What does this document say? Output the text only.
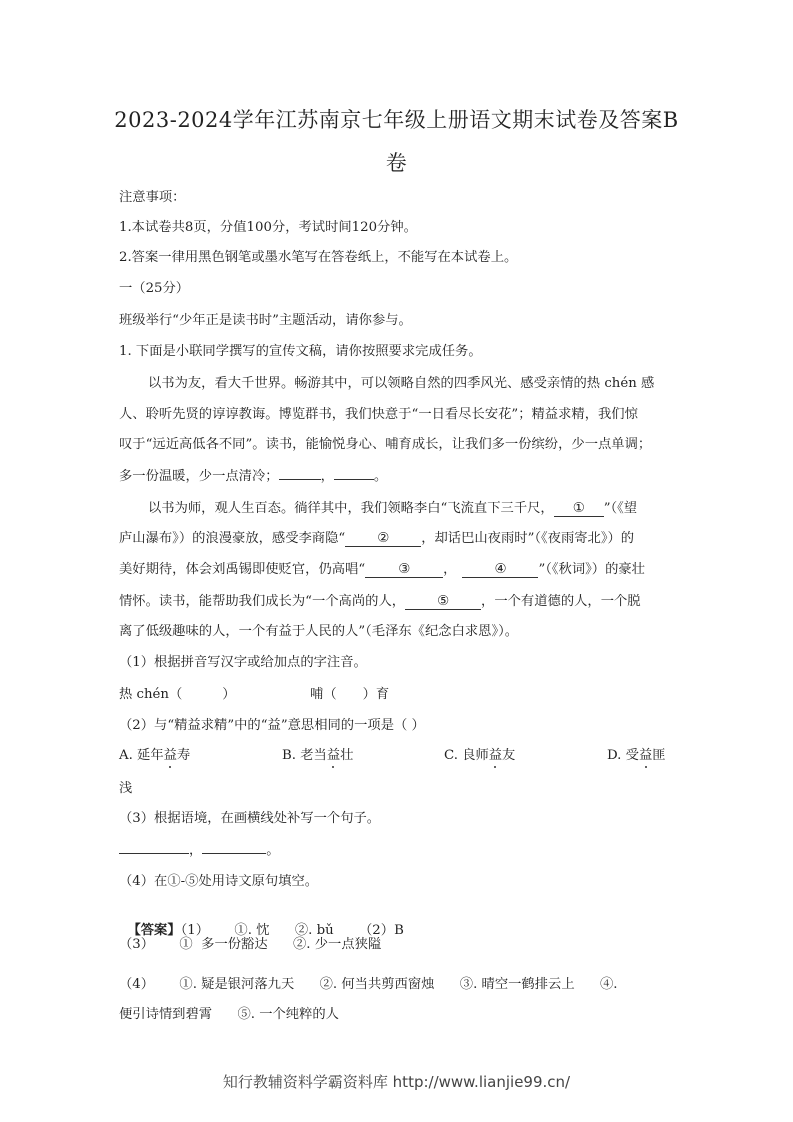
2023-2024学年江苏南京七年级上册语文期末试卷及答案B
卷
注意事项：
1.本试卷共8页，分值100分，考试时间120分钟。
2.答案一律用黑色钢笔或墨水笔写在答卷纸上，不能写在本试卷上。
一（25分）
班级举行“少年正是读书时”主题活动，请你参与。
1. 下面是小联同学撰写的宣传文稿，请你按照要求完成任务。
以书为友，看大千世界。畅游其中，可以领略自然的四季风光、感受亲情的热 chén 感
人、聆听先贤的谆谆教诲。博览群书，我们快意于“一日看尽长安花”；精益求精，我们惊
叹于“远近高低各不同”。读书，能愉悦身心、哺育成长，让我们多一份缤纷，少一点单调；
多一份温暖，少一点清冷；	，	。
以书为师，观人生百态。徜徉其中，我们领略李白“飞流直下三千尺， ① ”（《望
庐山瀑布》）的浪漫豪放，感受李商隐“ ② ，却话巴山夜雨时”（《夜雨寄北》）的
美好期待，体会刘禹锡即使贬官，仍高唱“ ③ ，	④ ”（《秋词》）的豪壮
情怀。读书，能帮助我们成长为“一个高尚的人， ⑤ ，一个有道德的人，一个脱
离了低级趣味的人，一个有益于人民的人”（毛泽东《纪念白求恩》）。
（1）根据拼音写汉字或给加点的字注音。
热 chén（	）	哺（ ）育
（2）与“精益求精”中的“益”意思相同的一项是（ ）
A. 延年益寿	B. 老当益壮	C. 良师益友	D. 受益匪
浅
（3）根据语境，在画横线处补写一个句子。
，	。
（4）在①-⑤处用诗文原句填空。

【答案】（1）      ①. 忱      ②. bǔ      （2）B

（3）      ①  多一份豁达      ②. 少一点狭隘
（4）      ①. 疑是银河落九天      ②. 何当共剪西窗烛      ③. 晴空一鹤排云上      ④.
便引诗情到碧霄      ⑤. 一个纯粹的人
知行教辅资料学霸资料库 http://www.lianjie99.cn/
